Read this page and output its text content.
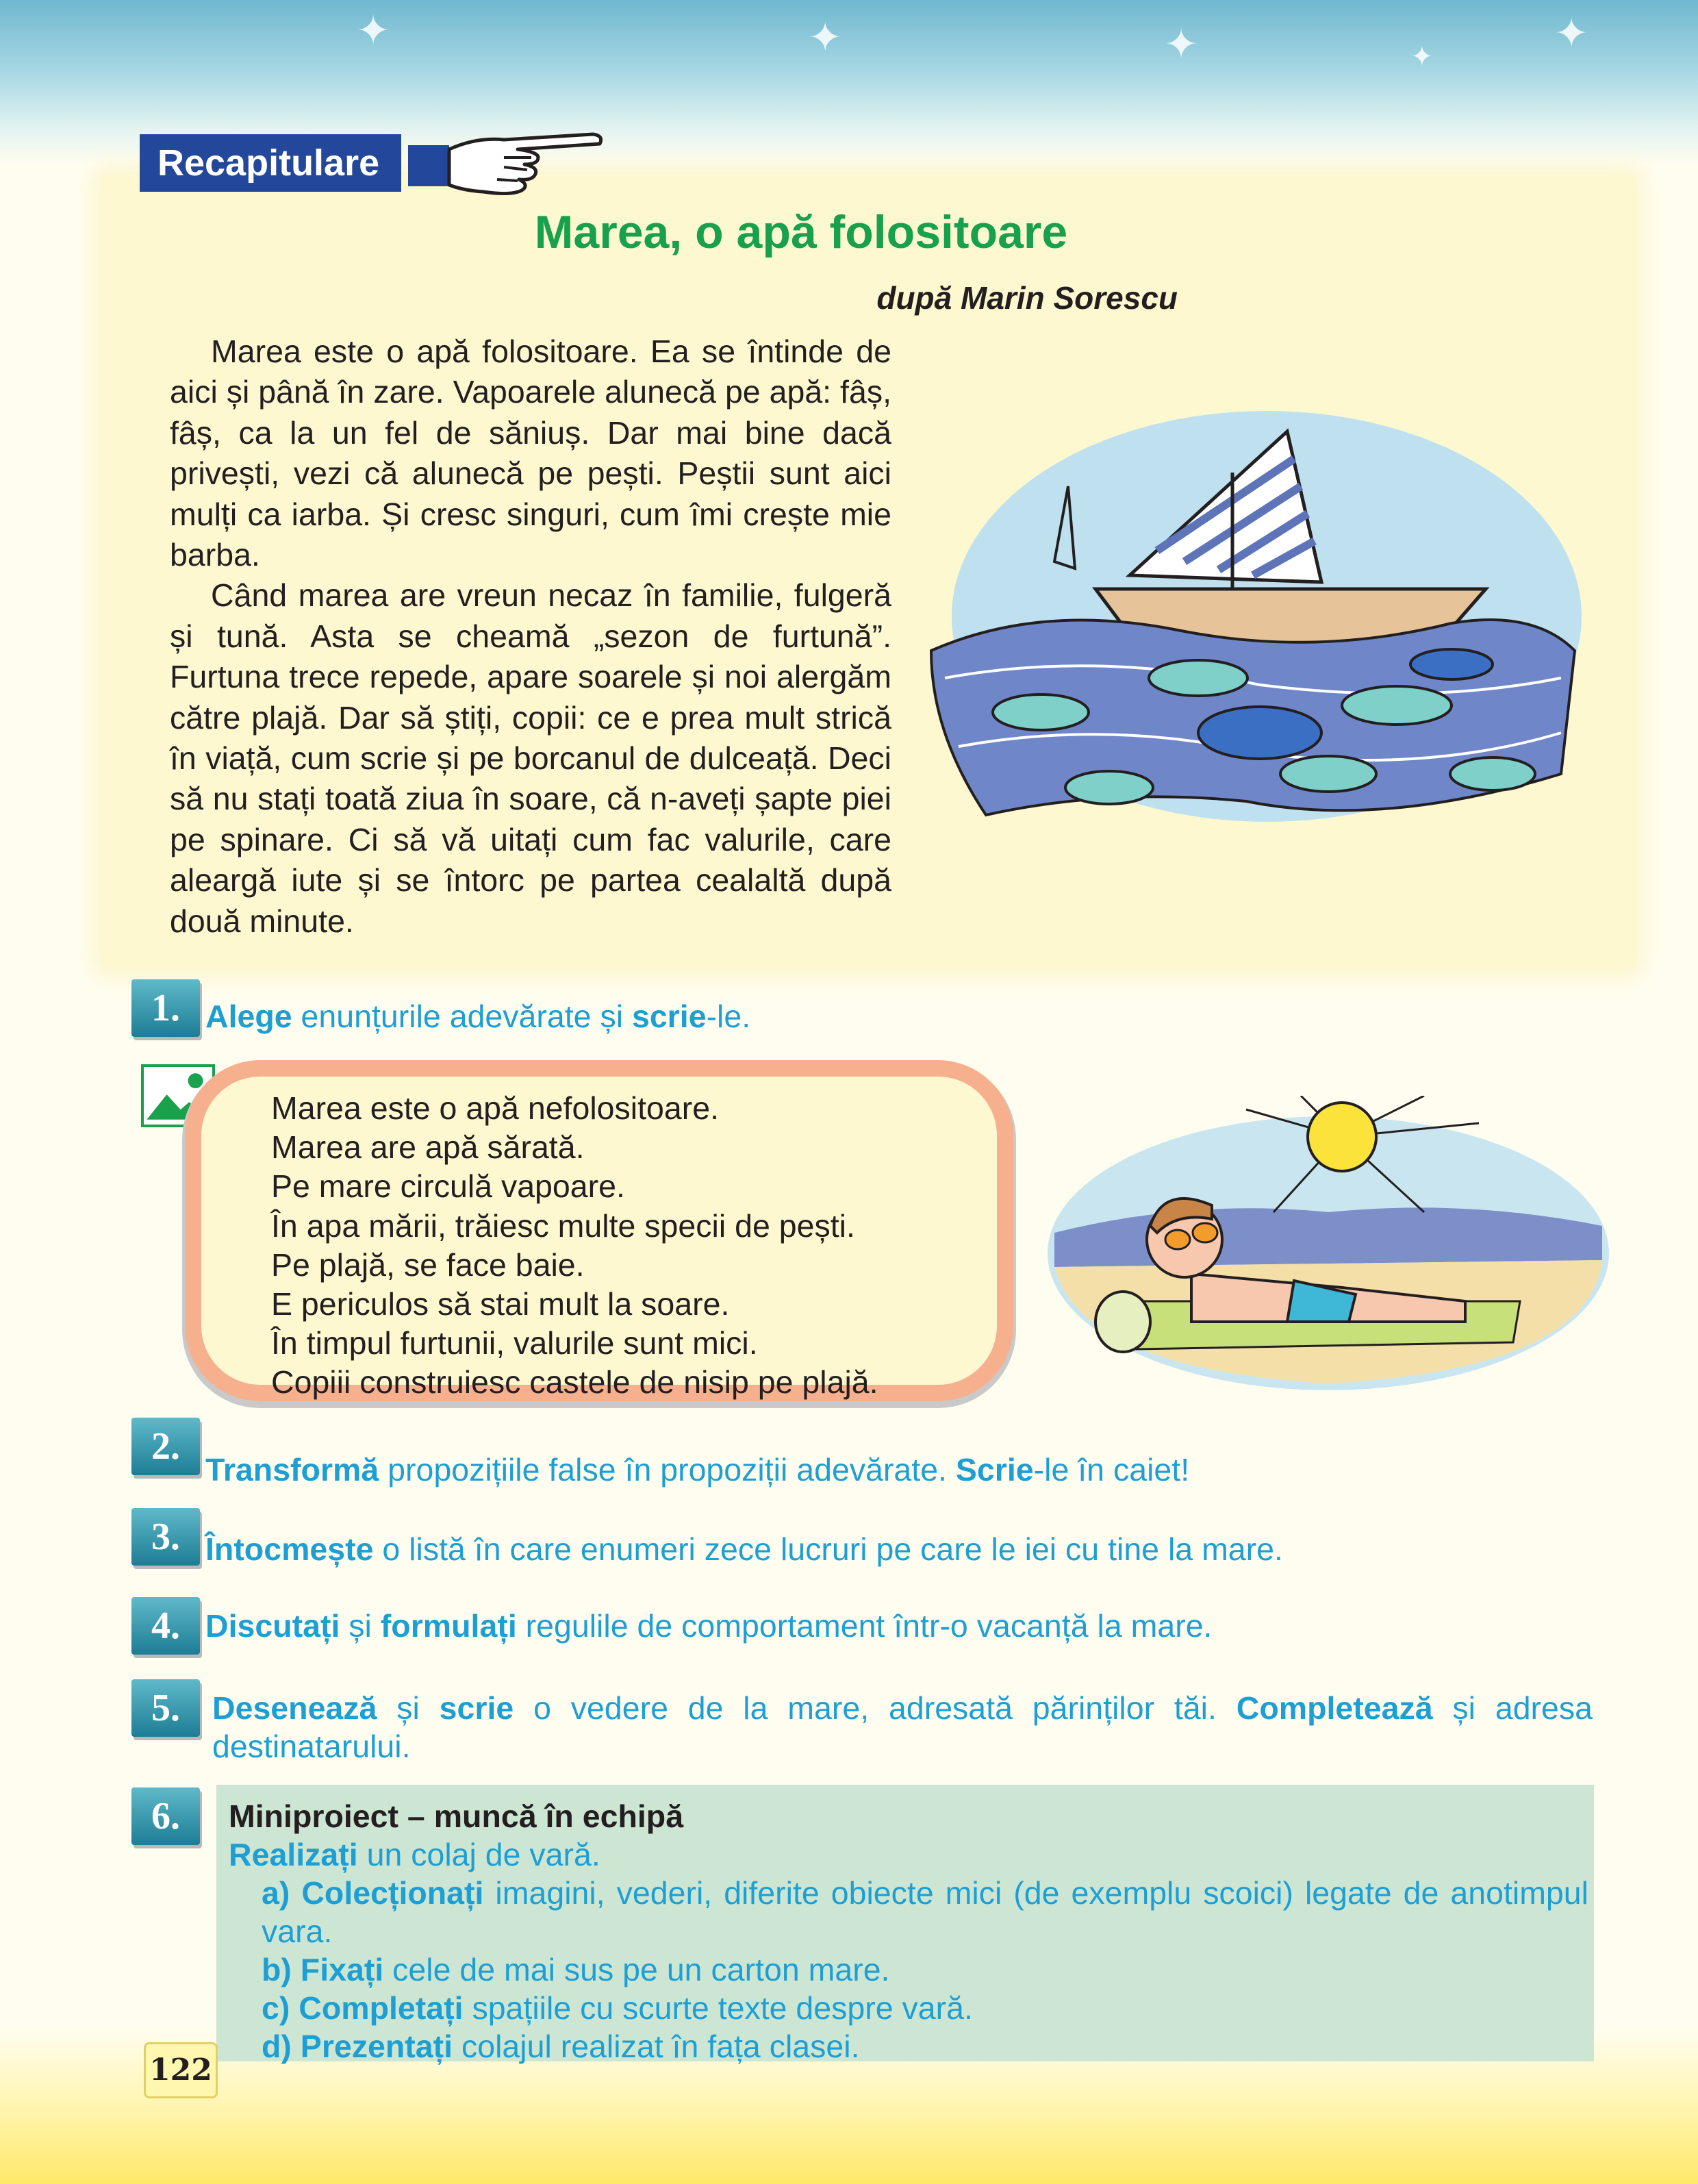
✦	✦	✦	✦
✦
Recapitulare
Marea, o apă folositoare
după Marin Sorescu

Marea este o apă folositoare. Ea se întinde de aici și până în zare. Vapoarele alunecă pe apă: fâș, fâș, ca la un fel de săniuș. Dar mai bine dacă privești, vezi că alunecă pe pești. Peștii sunt aici mulți ca iarba. Și cresc singuri, cum îmi crește mie barba.

Când marea are vreun necaz în familie, fulgeră și tună. Asta se cheamă „sezon de furtună”. Furtuna trece repede, apare soarele și noi alergăm către plajă. Dar să știți, copii: ce e prea mult strică în viață, cum scrie și pe borcanul de dulceață. Deci să nu stați toată ziua în soare, că n-aveți șapte piei pe spinare. Ci să vă uitați cum fac valurile, care aleargă iute și se întorc pe partea cealaltă după două minute.

1. Alege enunțurile adevărate și scrie-le.
Marea este o apă nefolositoare.
Marea are apă sărată.
Pe mare circulă vapoare.
În apa mării, trăiesc multe specii de pești.
Pe plajă, se face baie.
E periculos să stai mult la soare.
În timpul furtunii, valurile sunt mici.
Copiii construiesc castele de nisip pe plajă.
2.
Transformă propozițiile false în propoziții adevărate. Scrie-le în caiet!
3. Întocmește o listă în care enumeri zece lucruri pe care le iei cu tine la mare.
4. Discutați și formulați regulile de comportament într-o vacanță la mare.
5.	Desenează și scrie o vedere de la mare, adresată părinților tăi. Completează și adresa destinatarului.
6.	Miniproiect – muncă în echipă
Realizați un colaj de vară.
a) Colecționați imagini, vederi, diferite obiecte mici (de exemplu scoici) legate de anotimpul vara.
b) Fixați cele de mai sus pe un carton mare.
c) Completați spațiile cu scurte texte despre vară.
d) Prezentați colajul realizat în fața clasei.
122
